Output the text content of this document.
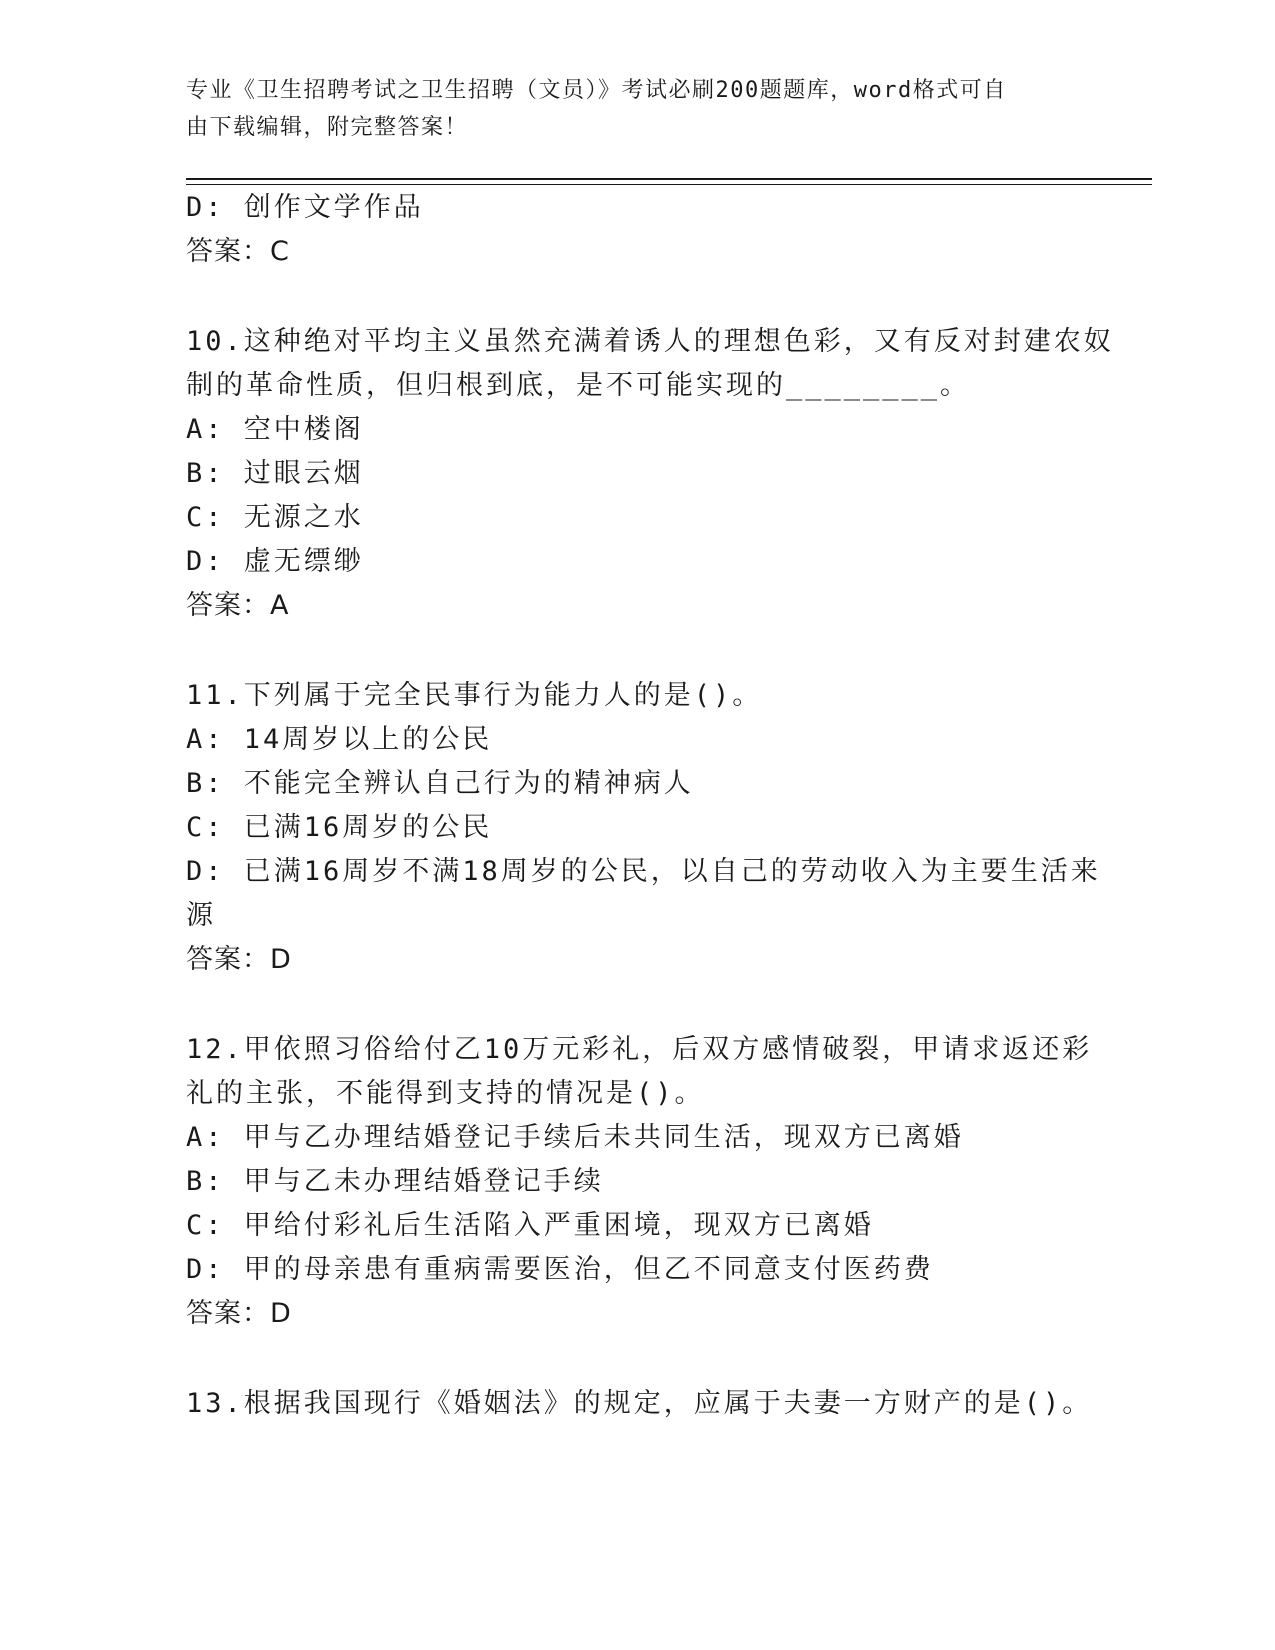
专业《卫生招聘考试之卫生招聘（文员）》考试必刷200题题库，word格式可自
由下载编辑，附完整答案！
D: 创作文学作品
答案：C
10.这种绝对平均主义虽然充满着诱人的理想色彩，又有反对封建农奴
制的革命性质，但归根到底，是不可能实现的________。
A: 空中楼阁
B: 过眼云烟
C: 无源之水
D: 虚无缥缈
答案：A
11.下列属于完全民事行为能力人的是()。
A: 14周岁以上的公民
B: 不能完全辨认自己行为的精神病人
C: 已满16周岁的公民
D: 已满16周岁不满18周岁的公民，以自己的劳动收入为主要生活来
源
答案：D
12.甲依照习俗给付乙10万元彩礼，后双方感情破裂，甲请求返还彩
礼的主张，不能得到支持的情况是()。
A: 甲与乙办理结婚登记手续后未共同生活，现双方已离婚
B: 甲与乙未办理结婚登记手续
C: 甲给付彩礼后生活陷入严重困境，现双方已离婚
D: 甲的母亲患有重病需要医治，但乙不同意支付医药费
答案：D
13.根据我国现行《婚姻法》的规定，应属于夫妻一方财产的是()。
